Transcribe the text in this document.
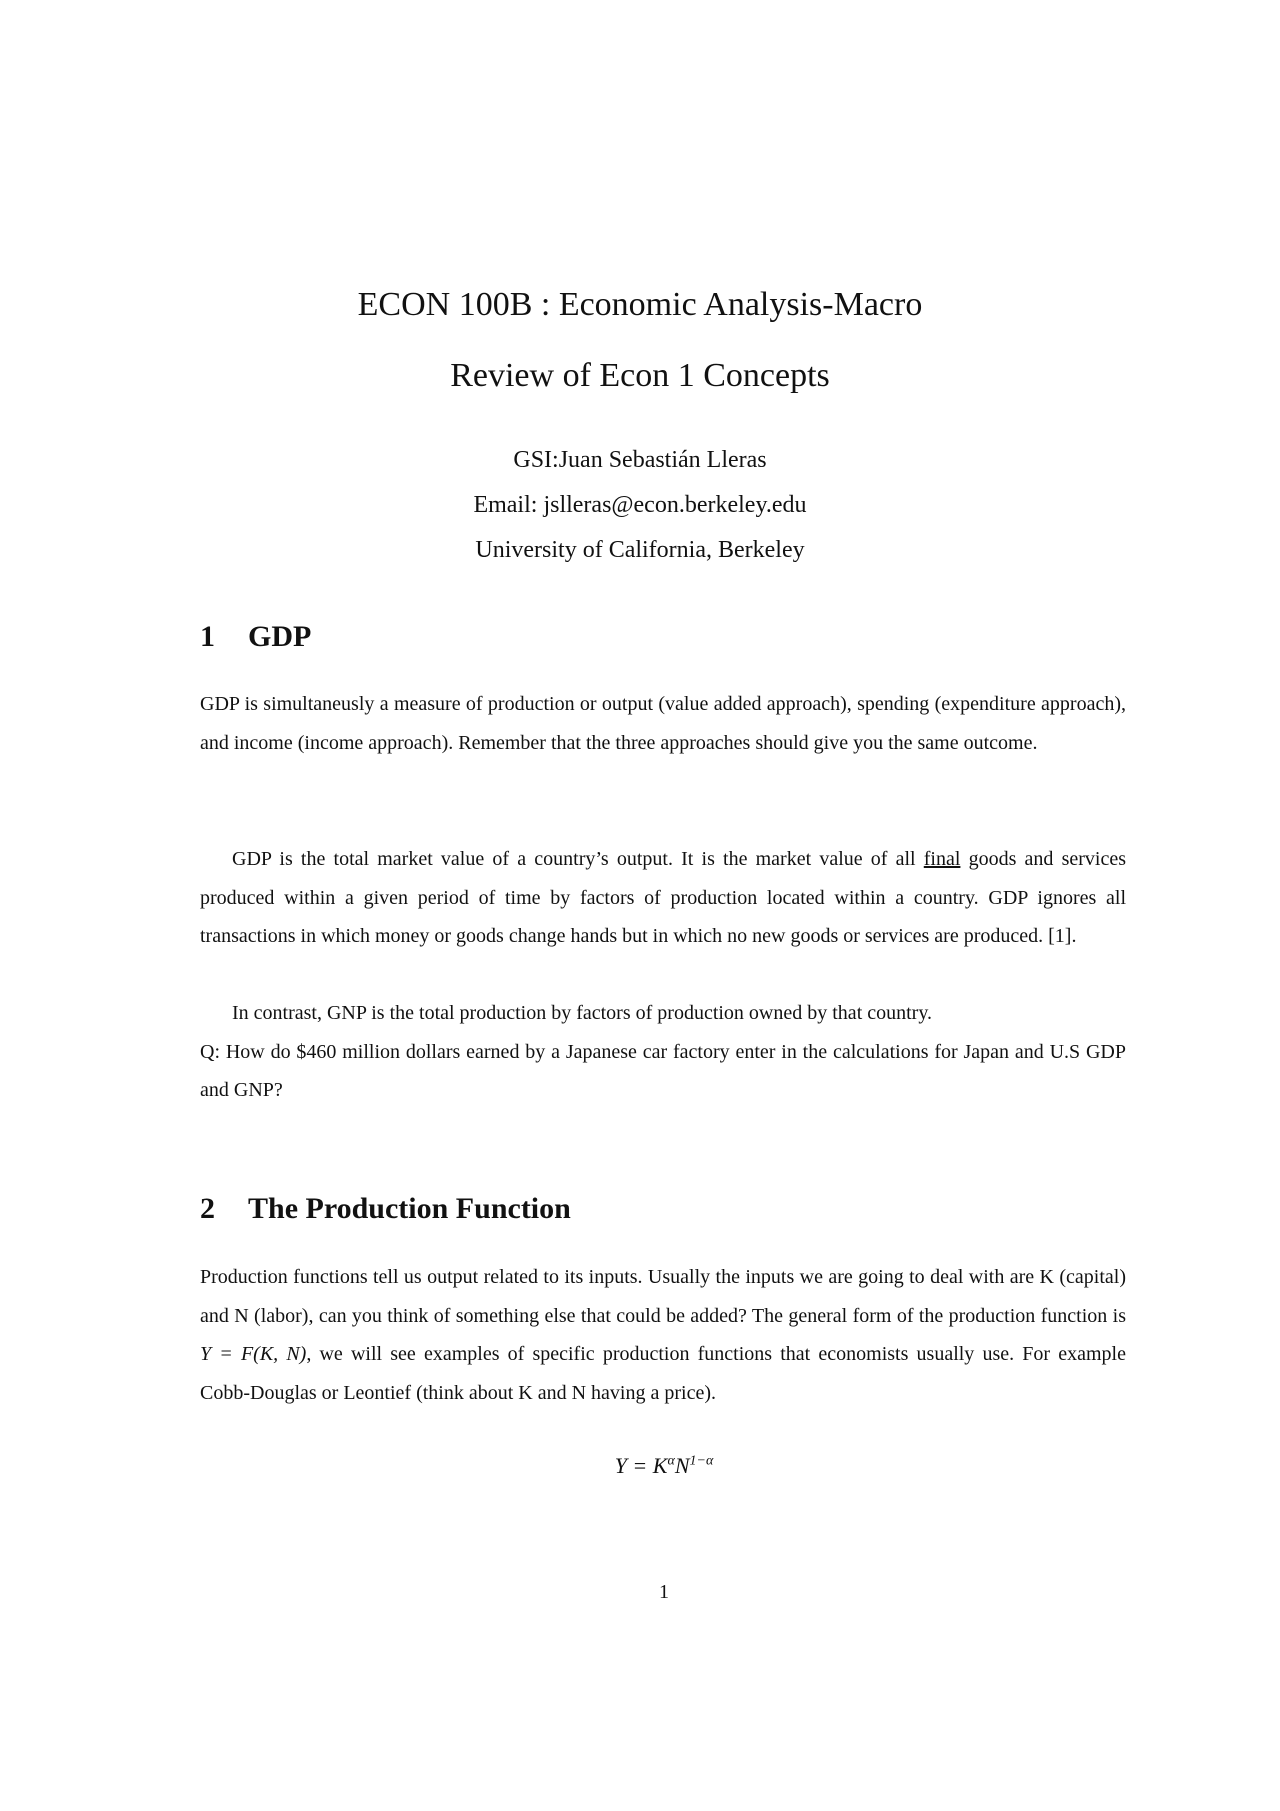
ECON 100B : Economic Analysis-Macro
Review of Econ 1 Concepts
GSI:Juan Sebastián Lleras
Email: jslleras@econ.berkeley.edu
University of California, Berkeley
1 GDP

GDP is simultaneusly a measure of production or output (value added approach), spending (expenditure approach), and income (income approach). Remember that the three approaches should give you the same outcome.

GDP is the total market value of a country’s output. It is the market value of all final goods and services produced within a given period of time by factors of production located within a country. GDP ignores all transactions in which money or goods change hands but in which no new goods or services are produced. [1].

In contrast, GNP is the total production by factors of production owned by that country.
Q: How do $460 million dollars earned by a Japanese car factory enter in the calculations for Japan and U.S GDP and GNP?

2 The Production Function

Production functions tell us output related to its inputs. Usually the inputs we are going to deal with are K (capital) and N (labor), can you think of something else that could be added? The general form of the production function is Y = F(K, N), we will see examples of specific production functions that economists usually use. For example Cobb-Douglas or Leontief (think about K and N having a price).

$Y = K^\alpha N^{1-\alpha}$
1
